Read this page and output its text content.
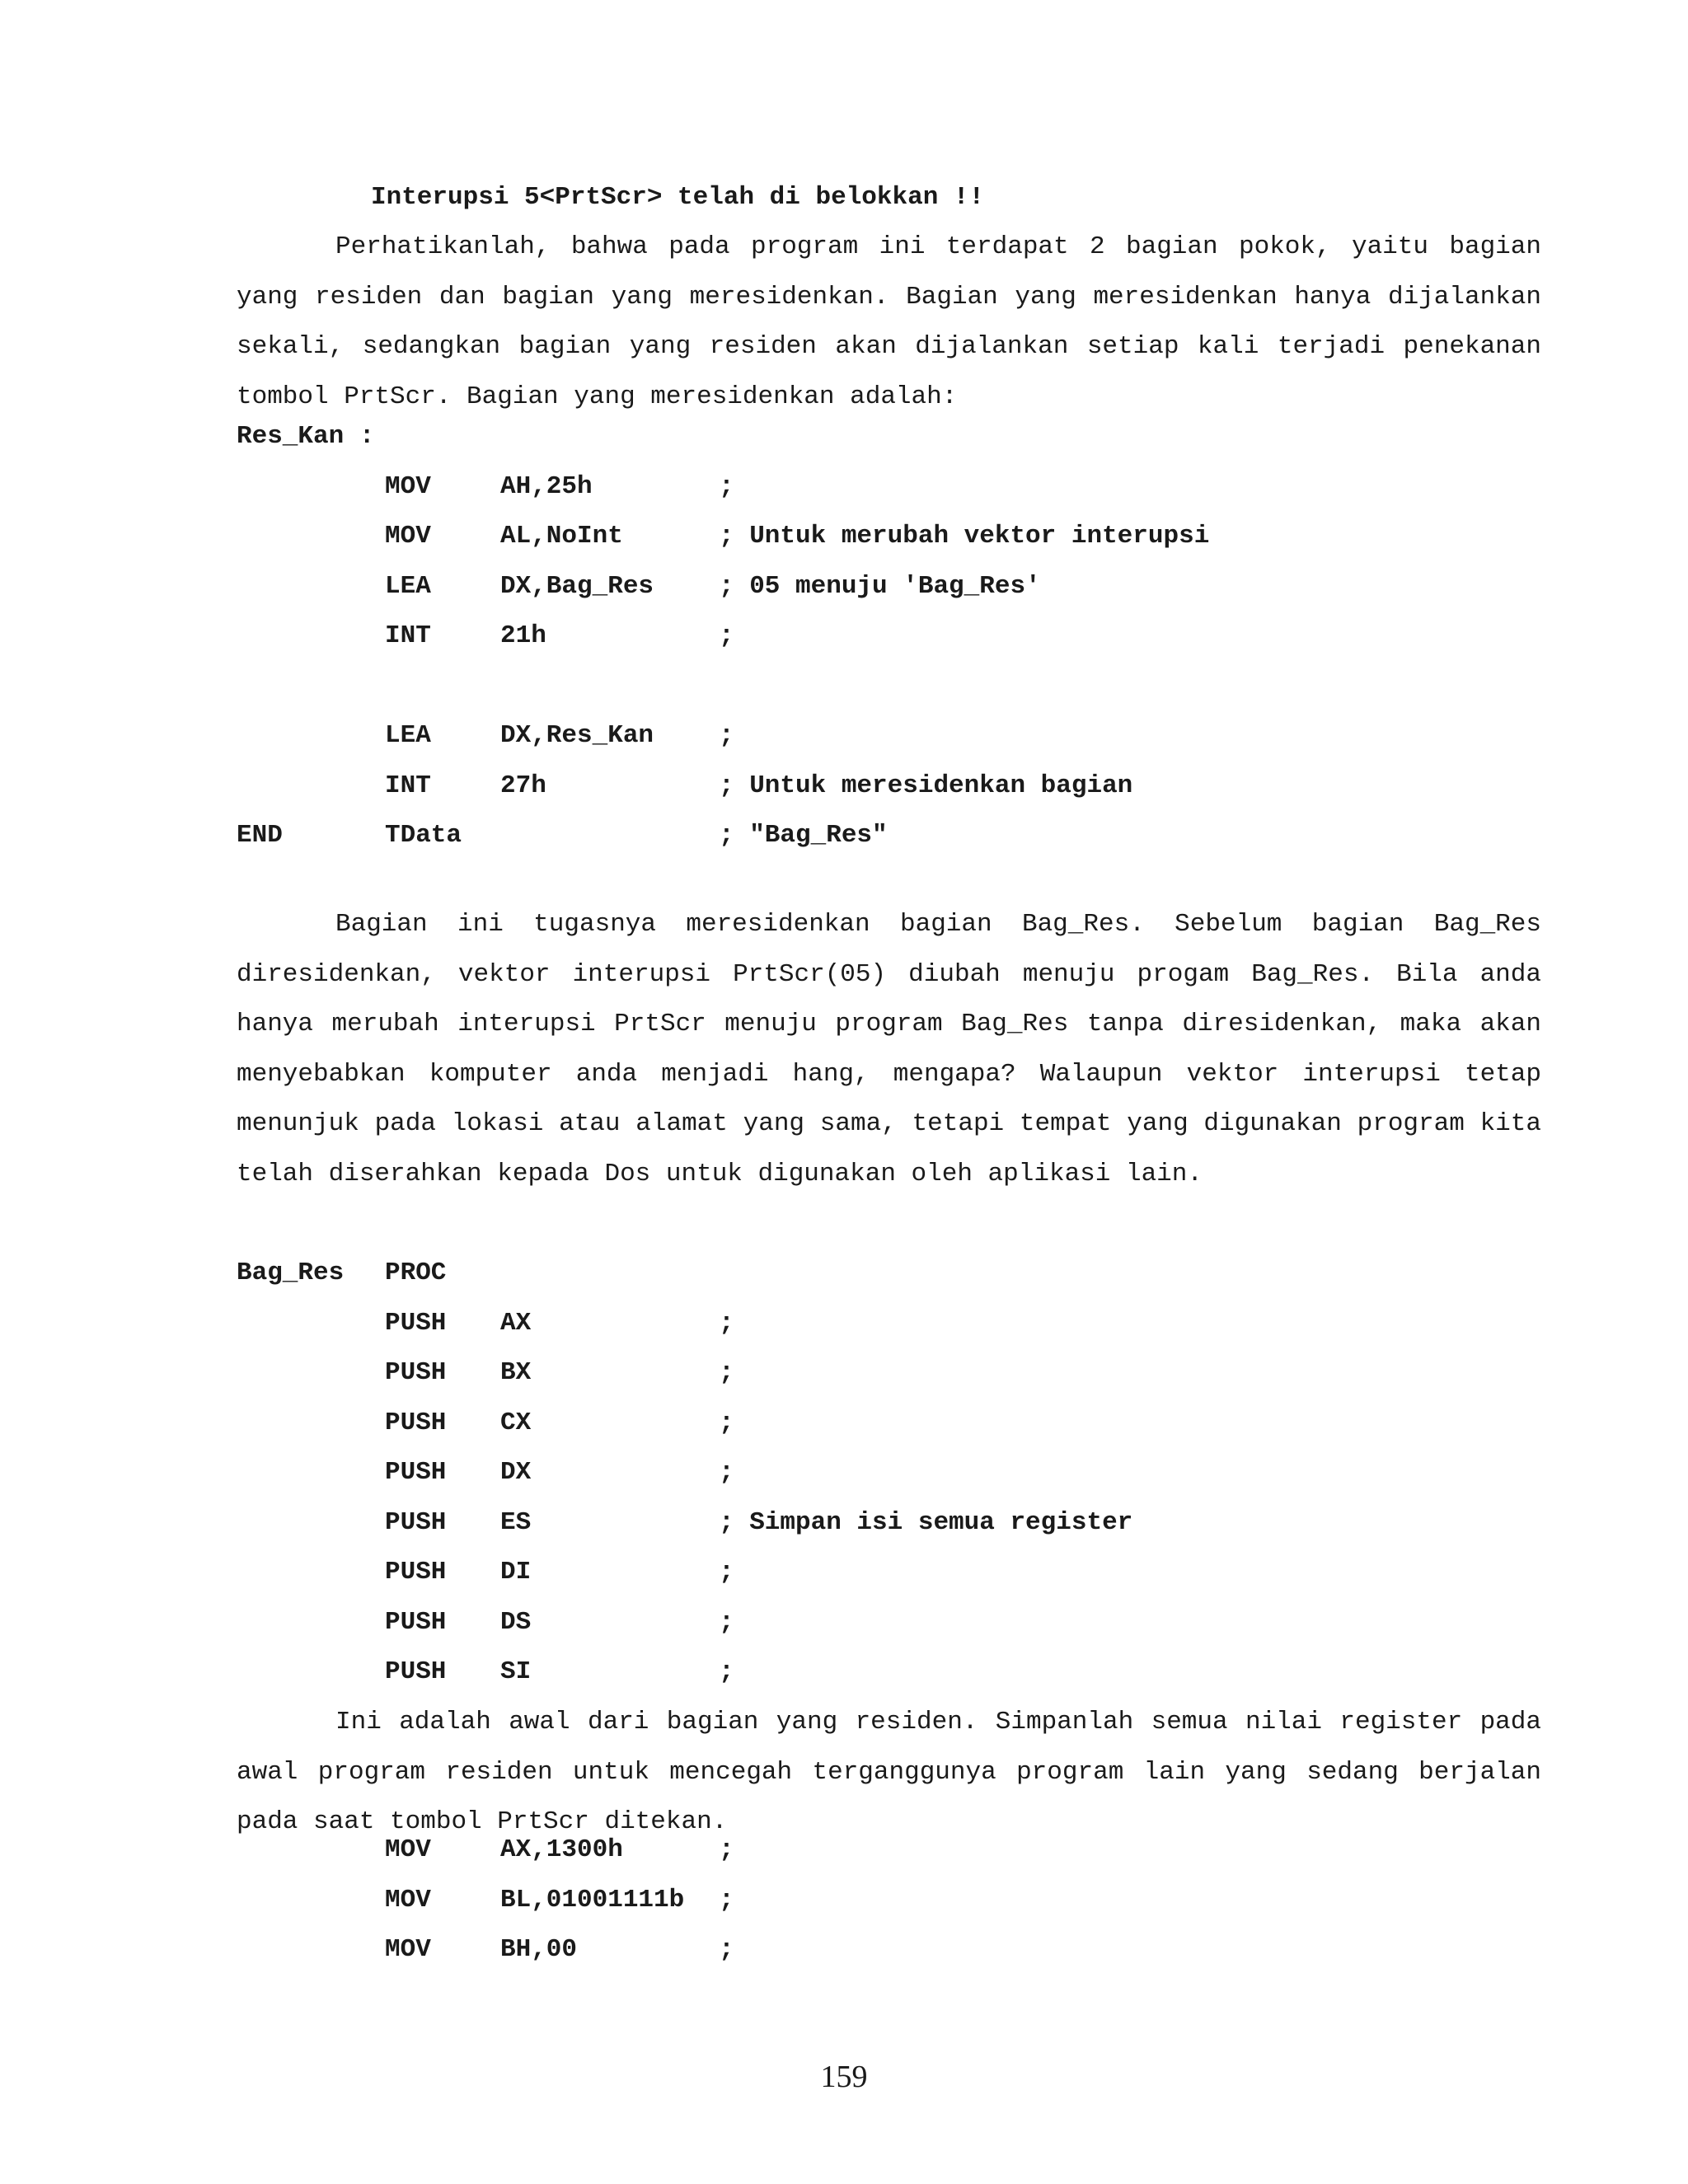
Interupsi 5<PrtScr> telah di belokkan !!
Perhatikanlah, bahwa pada program ini terdapat 2 bagian pokok, yaitu bagian yang residen dan bagian yang meresidenkan. Bagian yang meresidenkan hanya dijalankan sekali, sedangkan bagian yang residen akan dijalankan setiap kali terjadi penekanan tombol PrtScr. Bagian yang meresidenkan adalah:
Res_Kan :
MOV	AH,25h	;
MOV	AL,NoInt	; Untuk merubah vektor interupsi
LEA	DX,Bag_Res	; 05 menuju 'Bag_Res'
INT	21h	;
LEA	DX,Res_Kan	;
INT	27h	; Untuk meresidenkan bagian
END	TData	; "Bag_Res"
Bagian ini tugasnya meresidenkan bagian Bag_Res. Sebelum bagian Bag_Res diresidenkan, vektor interupsi PrtScr(05) diubah menuju progam Bag_Res. Bila anda hanya merubah interupsi PrtScr menuju program Bag_Res tanpa diresidenkan, maka akan menyebabkan komputer anda menjadi hang, mengapa? Walaupun vektor interupsi tetap menunjuk pada lokasi atau alamat yang sama, tetapi tempat yang digunakan program kita telah diserahkan kepada Dos untuk digunakan oleh aplikasi lain.
Bag_Res PROC
PUSH AX	;
PUSH BX	;
PUSH CX	;
PUSH DX	;
PUSH ES	; Simpan isi semua register
PUSH DI	;
PUSH DS	;
PUSH SI	;
Ini adalah awal dari bagian yang residen. Simpanlah semua nilai register pada awal program residen untuk mencegah terganggunya program lain yang sedang berjalan pada saat tombol PrtScr ditekan.
MOV	AX,1300h	;
MOV	BL,01001111b ;
MOV	BH,00	;
159
